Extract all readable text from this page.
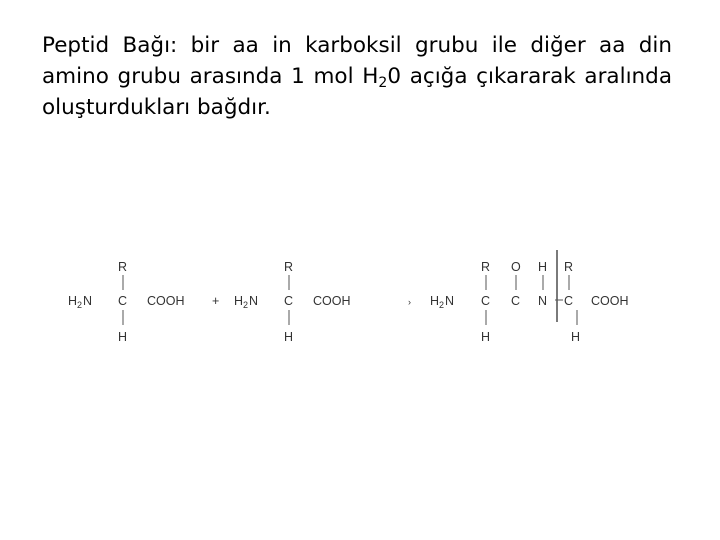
Peptid Bağı: bir aa in karboksil grubu ile diğer aa din amino grubu arasında 1 mol $H_20$ açığa çıkararak aralında oluşturdukları bağdır.

H 2 N
R
C
H
COOH + H 2 N
R
C
H
COOH	› H 2 N
R
C
H
O
C
H
N
R
C
H
COOH
